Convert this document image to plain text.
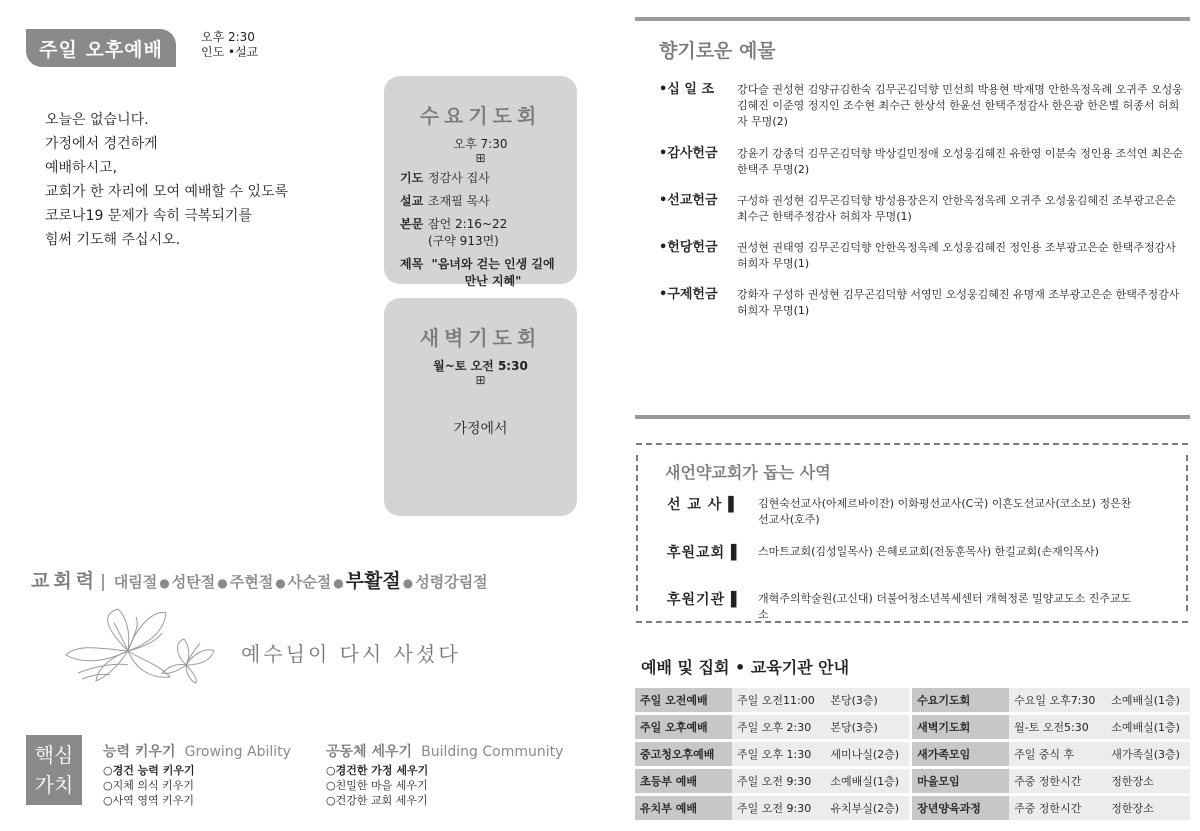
주일 오후예배
오후 2:30
인도 •설교
오늘은 없습니다.
가정에서 경건하게
예배하시고,
교회가 한 자리에 모여 예배할 수 있도록
코로나19 문제가 속히 극복되기를
힘써 기도해 주십시오.
수요기도회
오후 7:30
⊞
기도 정감사 집사
설교 조재필 목사
본문 잠언 2:16~22
(구약 913면)
제목 "음녀와 걷는 인생 길에
만난 지혜"
새벽기도회
월~토 오전 5:30
⊞
가정에서
교회력 | 대림절 ● 성탄절 ● 주현절 ● 사순절 ● 부활절 ● 성령강림절
예수님이 다시 사셨다
핵심
가치
능력 키우기 Growing Ability
○경건 능력 키우기
○지체 의식 키우기
○사역 영역 키우기
공동체 세우기 Building Community
○경건한 가정 세우기
○친밀한 마을 세우기
○건강한 교회 세우기
향기로운 예물
•십 일 조	강다슬 권성현 김양규김한숙 김무곤김덕향 민선희 박용현 박재명 안한옥정옥례 오귀주 오성웅김혜진 이준영 정지인 조수현 최수근 한상석 한윤선 한택주정감사 한은광 한은별 허종서 허희자 무명(2)
•감사헌금	강윤기 강종덕 김무곤김덕향 박상길민정애 오성웅김혜진 유한영 이분숙 정인용 조석연 최은순 한택주 무명(2)
•선교헌금	구성하 권성현 김무곤김덕향 방성용장은지 안한옥정옥례 오귀주 오성웅김혜진 조부광고은순 최수근 한택주정감사 허희자 무명(1)
•헌당헌금	권성현 권태영 김무곤김덕향 안한옥정옥례 오성웅김혜진 정인용 조부광고은순 한택주정감사 허희자 무명(1)
•구제헌금	강화자 구성하 권성현 김무곤김덕향 서영민 오성웅김혜진 유명재 조부광고은순 한택주정감사 허희자 무명(1)
새언약교회가 돕는 사역
선 교 사 ▌	김현숙선교사(아제르바이잔) 이화평선교사(C국) 이흔도선교사(코소보) 정은찬선교사(호주)
후원교회 ▌	스마트교회(김성일목사) 은혜로교회(전동훈목사) 한길교회(손재익목사)
후원기관 ▌	개혁주의학술원(고신대) 더불어청소년복세센터 개혁정론 밀양교도소 진주교도소
예배 및 집회 • 교육기관 안내
주일 오전예배	주일 오전11:00	본당(3층)		수요기도회	수요일 오후7:30	소예배실(1층)
주일 오후예배	주일 오후 2:30	본당(3층)		새벽기도회	월-토 오전5:30	소예배실(1층)
중고청오후예배	주일 오후 1:30	세미나실(2층)		새가족모임	주일 중식 후	새가족실(3층)
초등부 예배	주일 오전 9:30	소예배실(1층)		마을모임	주중 정한시간	정한장소
유치부 예배	주일 오전 9:30	유치부실(2층)		장년양육과정	주중 정한시간	정한장소
